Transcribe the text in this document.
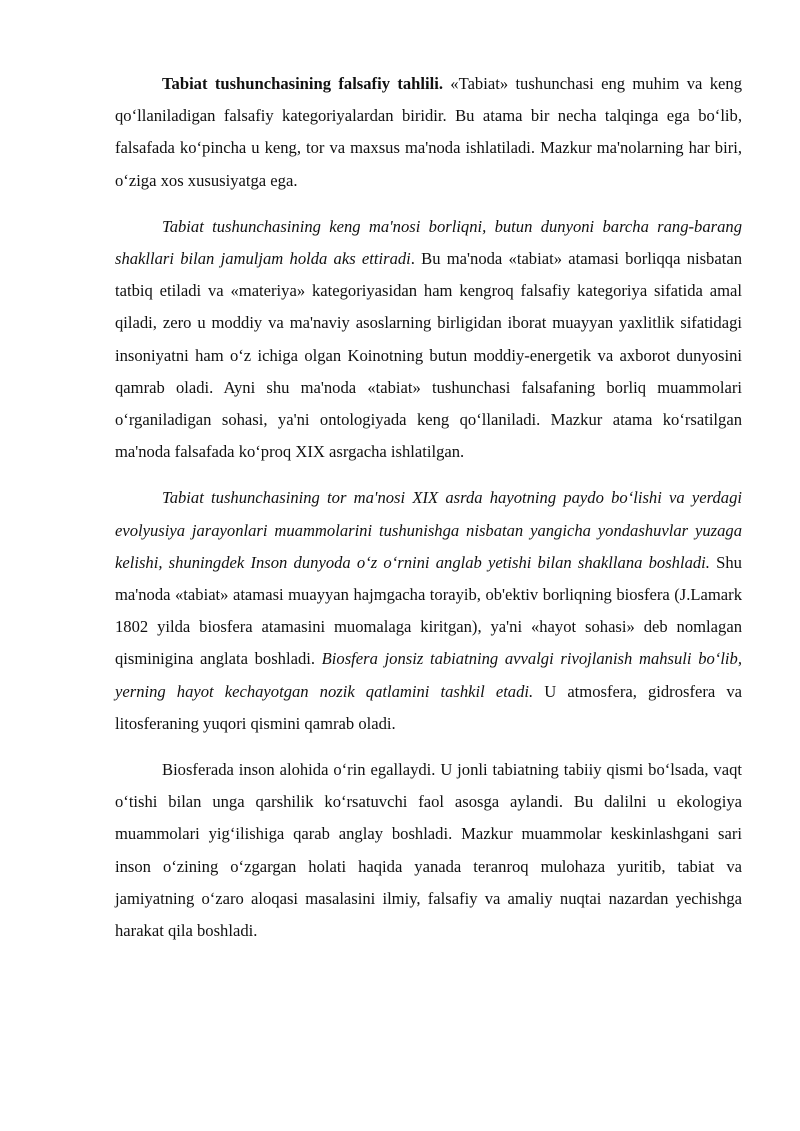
Tabiat tushunchasining falsafiy tahlili. «Tabiat» tushunchasi eng muhim va keng qo‘llaniladigan falsafiy kategoriyalardan biridir. Bu atama bir necha talqinga ega bo‘lib, falsafada ko‘pincha u keng, tor va maxsus ma'noda ishlatiladi. Mazkur ma'nolarning har biri, o‘ziga xos xususiyatga ega.

Tabiat tushunchasining keng ma'nosi borliqni, butun dunyoni barcha rang-barang shakllari bilan jamuljam holda aks ettiradi. Bu ma'noda «tabiat» atamasi borliqqa nisbatan tatbiq etiladi va «materiya» kategoriyasidan ham kengroq falsafiy kategoriya sifatida amal qiladi, zero u moddiy va ma'naviy asoslarning birligidan iborat muayyan yaxlitlik sifatidagi insoniyatni ham o‘z ichiga olgan Koinotning butun moddiy-energetik va axborot dunyosini qamrab oladi. Ayni shu ma'noda «tabiat» tushunchasi falsafaning borliq muammolari o‘rganiladigan sohasi, ya'ni ontologiyada keng qo‘llaniladi. Mazkur atama ko‘rsatilgan ma'noda falsafada ko‘proq XIX asrgacha ishlatilgan.

Tabiat tushunchasining tor ma'nosi XIX asrda hayotning paydo bo‘lishi va yerdagi evolyusiya jarayonlari muammolarini tushunishga nisbatan yangicha yondashuvlar yuzaga kelishi, shuningdek Inson dunyoda o‘z o‘rnini anglab yetishi bilan shakllana boshladi. Shu ma'noda «tabiat» atamasi muayyan hajmgacha torayib, ob'ektiv borliqning biosfera (J.Lamark 1802 yilda biosfera atamasini muomalaga kiritgan), ya'ni «hayot sohasi» deb nomlagan qisminigina anglata boshladi. Biosfera jonsiz tabiatning avvalgi rivojlanish mahsuli bo‘lib, yerning hayot kechayotgan nozik qatlamini tashkil etadi. U atmosfera, gidrosfera va litosferaning yuqori qismini qamrab oladi.

Biosferada inson alohida o‘rin egallaydi. U jonli tabiatning tabiiy qismi bo‘lsada, vaqt o‘tishi bilan unga qarshilik ko‘rsatuvchi faol asosga aylandi. Bu dalilni u ekologiya muammolari yig‘ilishiga qarab anglay boshladi. Mazkur muammolar keskinlashgani sari inson o‘zining o‘zgargan holati haqida yanada teranroq mulohaza yuritib, tabiat va jamiyatning o‘zaro aloqasi masalasini ilmiy, falsafiy va amaliy nuqtai nazardan yechishga harakat qila boshladi.
